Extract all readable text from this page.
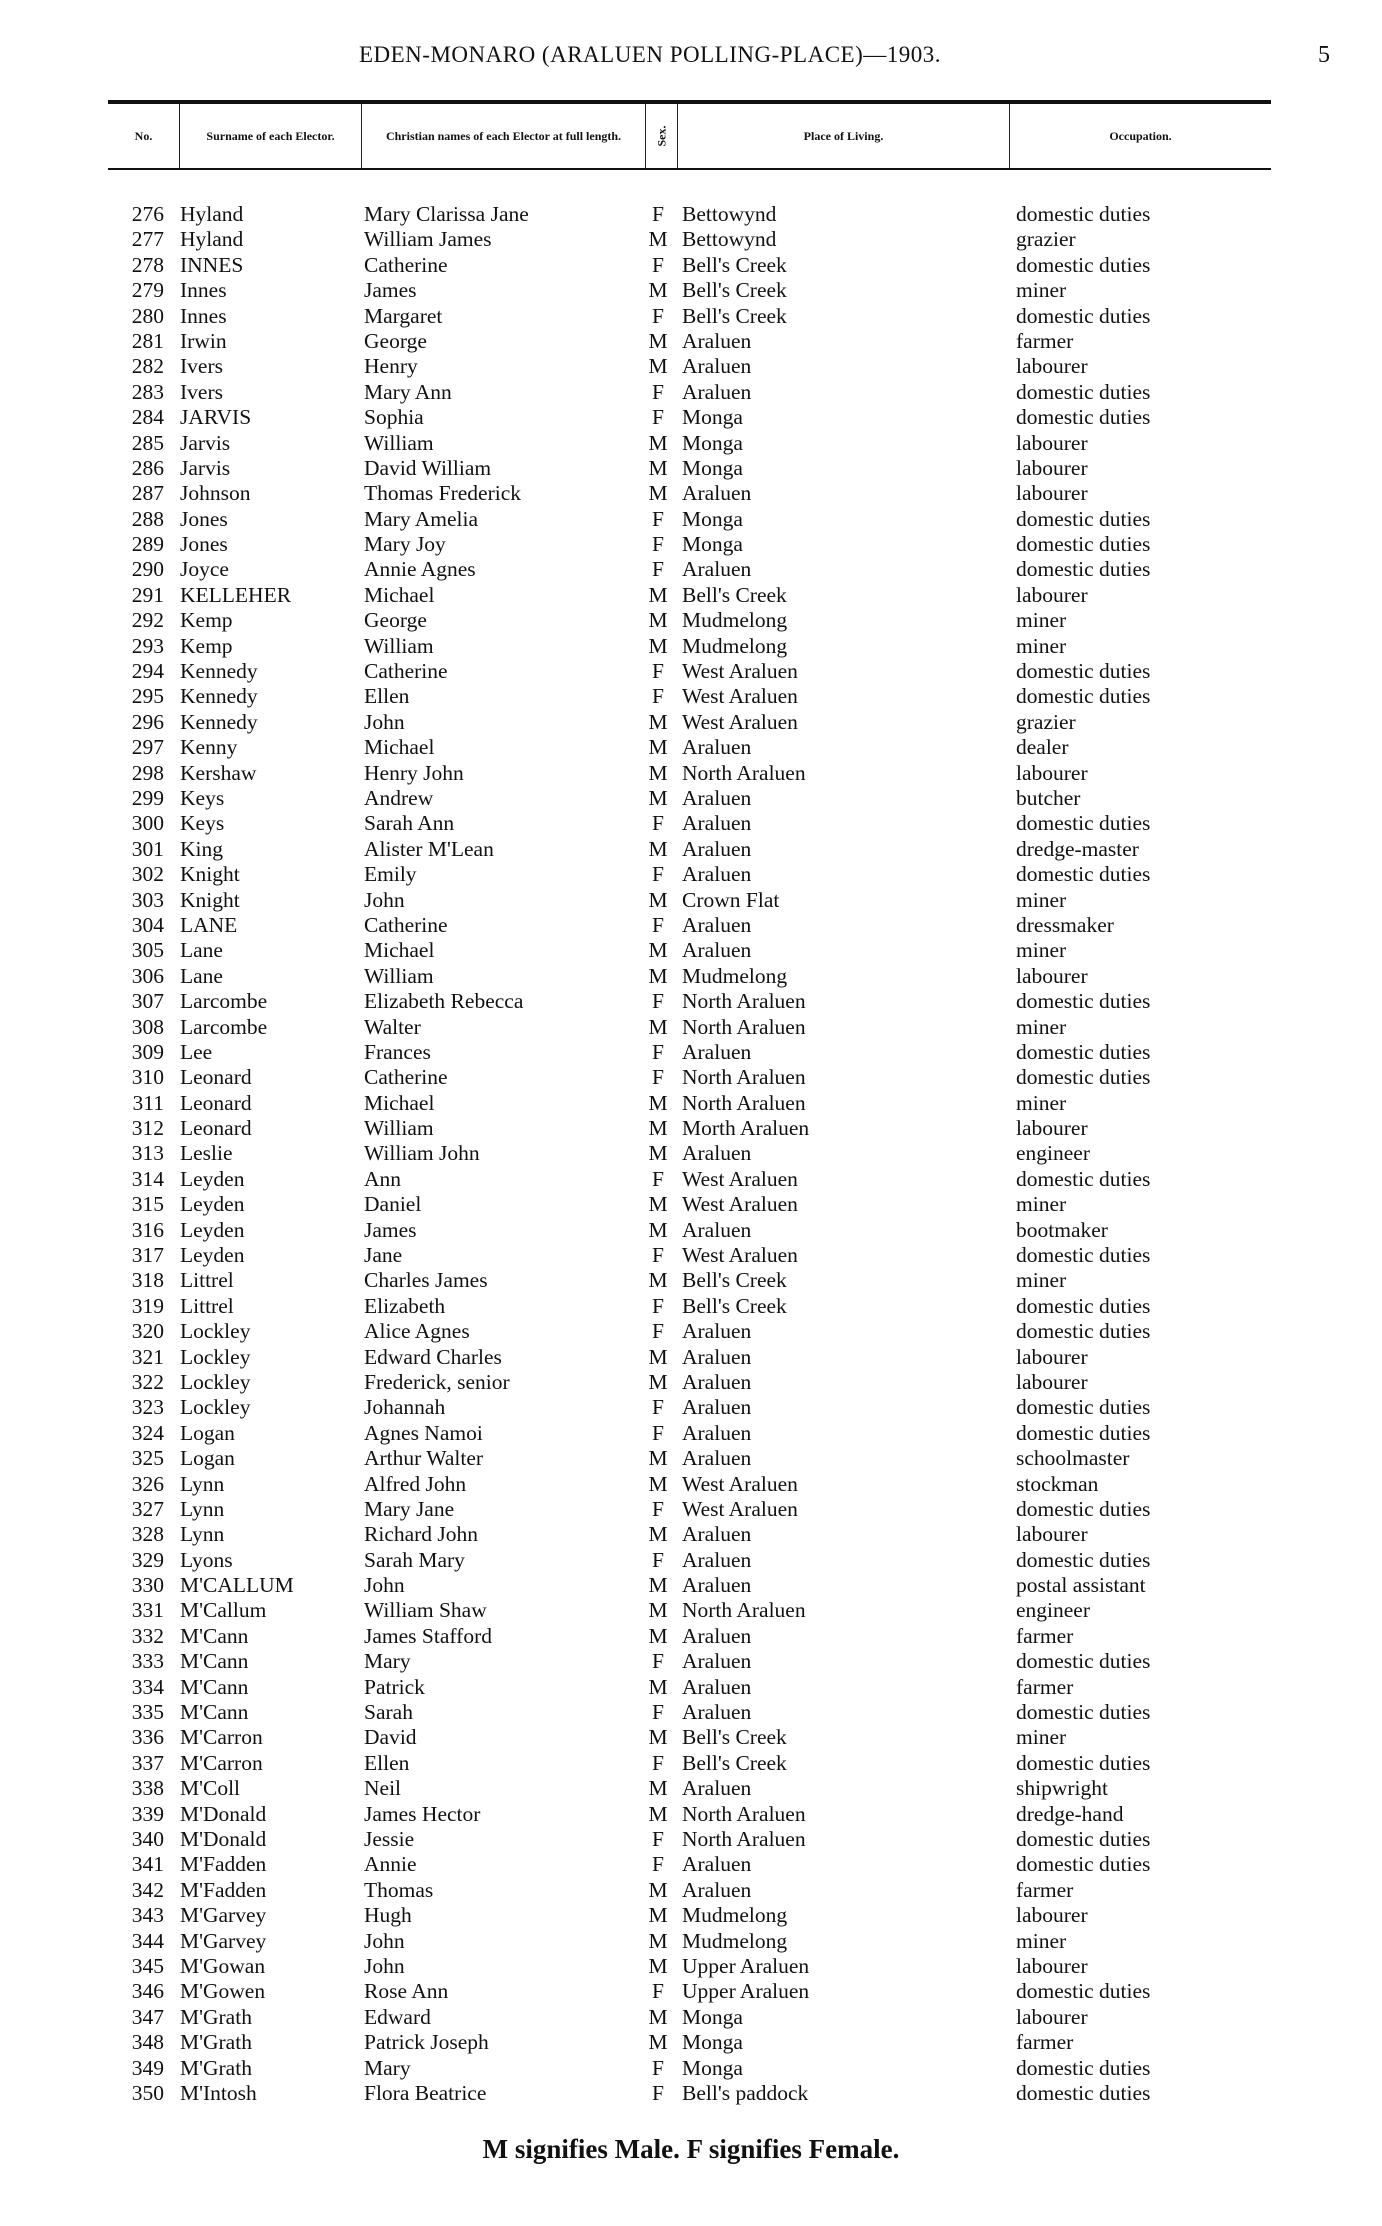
EDEN-MONARO (ARALUEN POLLING-PLACE)—1903.	5
No.	Surname of each Elector.	Christian names of each Elector at full length.	Sex.	Place of Living.	Occupation.
276 Hyland	Mary Clarissa Jane	F Bettowynd	domestic duties
277 Hyland	William James	M Bettowynd	grazier
278 INNES	Catherine	F Bell's Creek	domestic duties
279 Innes	James	M Bell's Creek	miner
280 Innes	Margaret	F Bell's Creek	domestic duties
281 Irwin	George	M Araluen	farmer
282 Ivers	Henry	M Araluen	labourer
283 Ivers	Mary Ann	F Araluen	domestic duties
284 JARVIS	Sophia	F Monga	domestic duties
285 Jarvis	William	M Monga	labourer
286 Jarvis	David William	M Monga	labourer
287 Johnson	Thomas Frederick	M Araluen	labourer
288 Jones	Mary Amelia	F Monga	domestic duties
289 Jones	Mary Joy	F Monga	domestic duties
290 Joyce	Annie Agnes	F Araluen	domestic duties
291 KELLEHER	Michael	M Bell's Creek	labourer
292 Kemp	George	M Mudmelong	miner
293 Kemp	William	M Mudmelong	miner
294 Kennedy	Catherine	F West Araluen	domestic duties
295 Kennedy	Ellen	F West Araluen	domestic duties
296 Kennedy	John	M West Araluen	grazier
297 Kenny	Michael	M Araluen	dealer
298 Kershaw	Henry John	M North Araluen	labourer
299 Keys	Andrew	M Araluen	butcher
300 Keys	Sarah Ann	F Araluen	domestic duties
301 King	Alister M'Lean	M Araluen	dredge-master
302 Knight	Emily	F Araluen	domestic duties
303 Knight	John	M Crown Flat	miner
304 LANE	Catherine	F Araluen	dressmaker
305 Lane	Michael	M Araluen	miner
306 Lane	William	M Mudmelong	labourer
307 Larcombe	Elizabeth Rebecca	F North Araluen	domestic duties
308 Larcombe	Walter	M North Araluen	miner
309 Lee	Frances	F Araluen	domestic duties
310 Leonard	Catherine	F North Araluen	domestic duties
311 Leonard	Michael	M North Araluen	miner
312 Leonard	William	M Morth Araluen	labourer
313 Leslie	William John	M Araluen	engineer
314 Leyden	Ann	F West Araluen	domestic duties
315 Leyden	Daniel	M West Araluen	miner
316 Leyden	James	M Araluen	bootmaker
317 Leyden	Jane	F West Araluen	domestic duties
318 Littrel	Charles James	M Bell's Creek	miner
319 Littrel	Elizabeth	F Bell's Creek	domestic duties
320 Lockley	Alice Agnes	F Araluen	domestic duties
321 Lockley	Edward Charles	M Araluen	labourer
322 Lockley	Frederick, senior	M Araluen	labourer
323 Lockley	Johannah	F Araluen	domestic duties
324 Logan	Agnes Namoi	F Araluen	domestic duties
325 Logan	Arthur Walter	M Araluen	schoolmaster
326 Lynn	Alfred John	M West Araluen	stockman
327 Lynn	Mary Jane	F West Araluen	domestic duties
328 Lynn	Richard John	M Araluen	labourer
329 Lyons	Sarah Mary	F Araluen	domestic duties
330 M'CALLUM	John	M Araluen	postal assistant
331 M'Callum	William Shaw	M North Araluen	engineer
332 M'Cann	James Stafford	M Araluen	farmer
333 M'Cann	Mary	F Araluen	domestic duties
334 M'Cann	Patrick	M Araluen	farmer
335 M'Cann	Sarah	F Araluen	domestic duties
336 M'Carron	David	M Bell's Creek	miner
337 M'Carron	Ellen	F Bell's Creek	domestic duties
338 M'Coll	Neil	M Araluen	shipwright
339 M'Donald	James Hector	M North Araluen	dredge-hand
340 M'Donald	Jessie	F North Araluen	domestic duties
341 M'Fadden	Annie	F Araluen	domestic duties
342 M'Fadden	Thomas	M Araluen	farmer
343 M'Garvey	Hugh	M Mudmelong	labourer
344 M'Garvey	John	M Mudmelong	miner
345 M'Gowan	John	M Upper Araluen	labourer
346 M'Gowen	Rose Ann	F Upper Araluen	domestic duties
347 M'Grath	Edward	M Monga	labourer
348 M'Grath	Patrick Joseph	M Monga	farmer
349 M'Grath	Mary	F Monga	domestic duties
350 M'Intosh	Flora Beatrice	F Bell's paddock	domestic duties
M signifies Male. F signifies Female.
